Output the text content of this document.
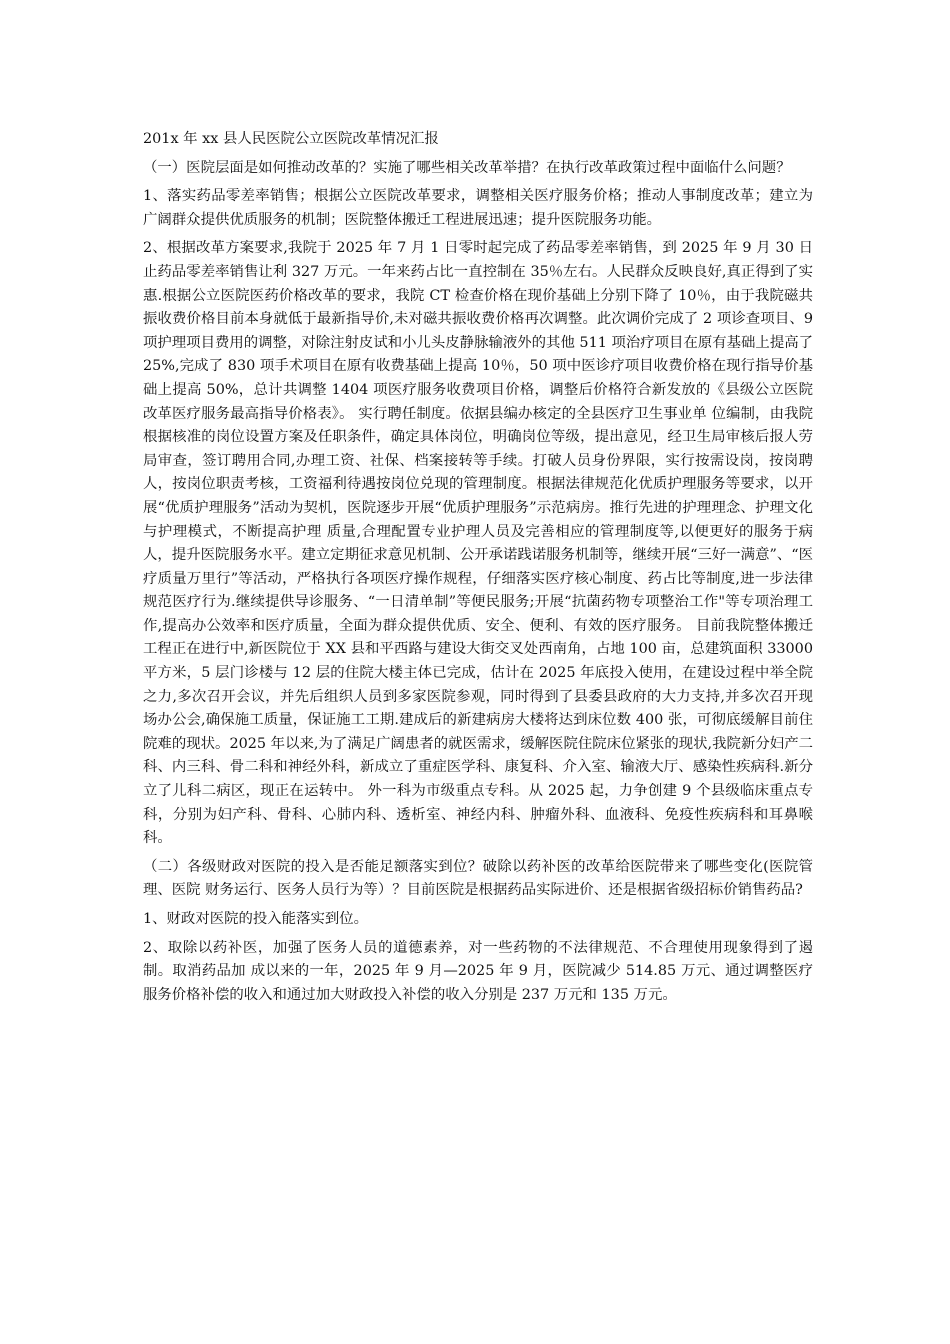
201x 年 xx 县人民医院公立医院改革情况汇报

（一）医院层面是如何推动改革的？实施了哪些相关改革举措？在执行改革政策过程中面临什么问题？

1、落实药品零差率销售；根据公立医院改革要求，调整相关医疗服务价格；推动人事制度改革；建立为广阔群众提供优质服务的机制；医院整体搬迁工程进展迅速；提升医院服务功能。

2、根据改革方案要求,我院于 2025 年 7 月 1 日零时起完成了药品零差率销售，到 2025 年 9 月 30 日止药品零差率销售让利 327 万元。一年来药占比一直控制在 35％左右。人民群众反映良好,真正得到了实惠.根据公立医院医药价格改革的要求，我院 CT 检查价格在现价基础上分别下降了 10％，由于我院磁共振收费价格目前本身就低于最新指导价,未对磁共振收费价格再次调整。此次调价完成了 2 项诊查项目、9 项护理项目费用的调整，对除注射皮试和小儿头皮静脉输液外的其他 511 项治疗项目在原有基础上提高了 25%,完成了 830 项手术项目在原有收费基础上提高 10％，50 项中医诊疗项目收费价格在现行指导价基础上提高 50%，总计共调整 1404 项医疗服务收费项目价格，调整后价格符合新发放的《县级公立医院改革医疗服务最高指导价格表》。 实行聘任制度。依据县编办核定的全县医疗卫生事业单 位编制，由我院根据核准的岗位设置方案及任职条件，确定具体岗位，明确岗位等级，提出意见，经卫生局审核后报人劳局审查，签订聘用合同,办理工资、社保、档案接转等手续。打破人员身份界限，实行按需设岗，按岗聘人，按岗位职责考核，工资福利待遇按岗位兑现的管理制度。根据法律规范化优质护理服务等要求，以开展“优质护理服务”活动为契机，医院逐步开展“优质护理服务”示范病房。推行先进的护理理念、护理文化与护理模式，不断提高护理 质量,合理配置专业护理人员及完善相应的管理制度等,以便更好的服务于病人，提升医院服务水平。建立定期征求意见机制、公开承诺践诺服务机制等，继续开展“三好一满意”、“医疗质量万里行”等活动，严格执行各项医疗操作规程，仔细落实医疗核心制度、药占比等制度,进一步法律规范医疗行为.继续提供导诊服务、“一日清单制”等便民服务;开展“抗菌药物专项整治工作"等专项治理工作,提高办公效率和医疗质量，全面为群众提供优质、安全、便利、有效的医疗服务。 目前我院整体搬迁工程正在进行中,新医院位于 XX 县和平西路与建设大街交叉处西南角，占地 100 亩，总建筑面积 33000 平方米，5 层门诊楼与 12 层的住院大楼主体已完成，估计在 2025 年底投入使用，在建设过程中举全院之力,多次召开会议，并先后组织人员到多家医院参观，同时得到了县委县政府的大力支持,并多次召开现场办公会,确保施工质量，保证施工工期.建成后的新建病房大楼将达到床位数 400 张，可彻底缓解目前住院难的现状。2025 年以来,为了满足广阔患者的就医需求，缓解医院住院床位紧张的现状,我院新分妇产二科、内三科、骨二科和神经外科，新成立了重症医学科、康复科、介入室、输液大厅、感染性疾病科.新分立了儿科二病区，现正在运转中。 外一科为市级重点专科。从 2025 起，力争创建 9 个县级临床重点专科，分别为妇产科、骨科、心肺内科、透析室、神经内科、肿瘤外科、血液科、免疫性疾病科和耳鼻喉科。

（二）各级财政对医院的投入是否能足额落实到位？破除以药补医的改革给医院带来了哪些变化(医院管理、医院 财务运行、医务人员行为等）？目前医院是根据药品实际进价、还是根据省级招标价销售药品?

1、财政对医院的投入能落实到位。

2、取除以药补医，加强了医务人员的道德素养，对一些药物的不法律规范、不合理使用现象得到了遏制。取消药品加 成以来的一年，2025 年 9 月—2025 年 9 月，医院减少 514.85 万元、通过调整医疗服务价格补偿的收入和通过加大财政投入补偿的收入分别是 237 万元和 135 万元。
